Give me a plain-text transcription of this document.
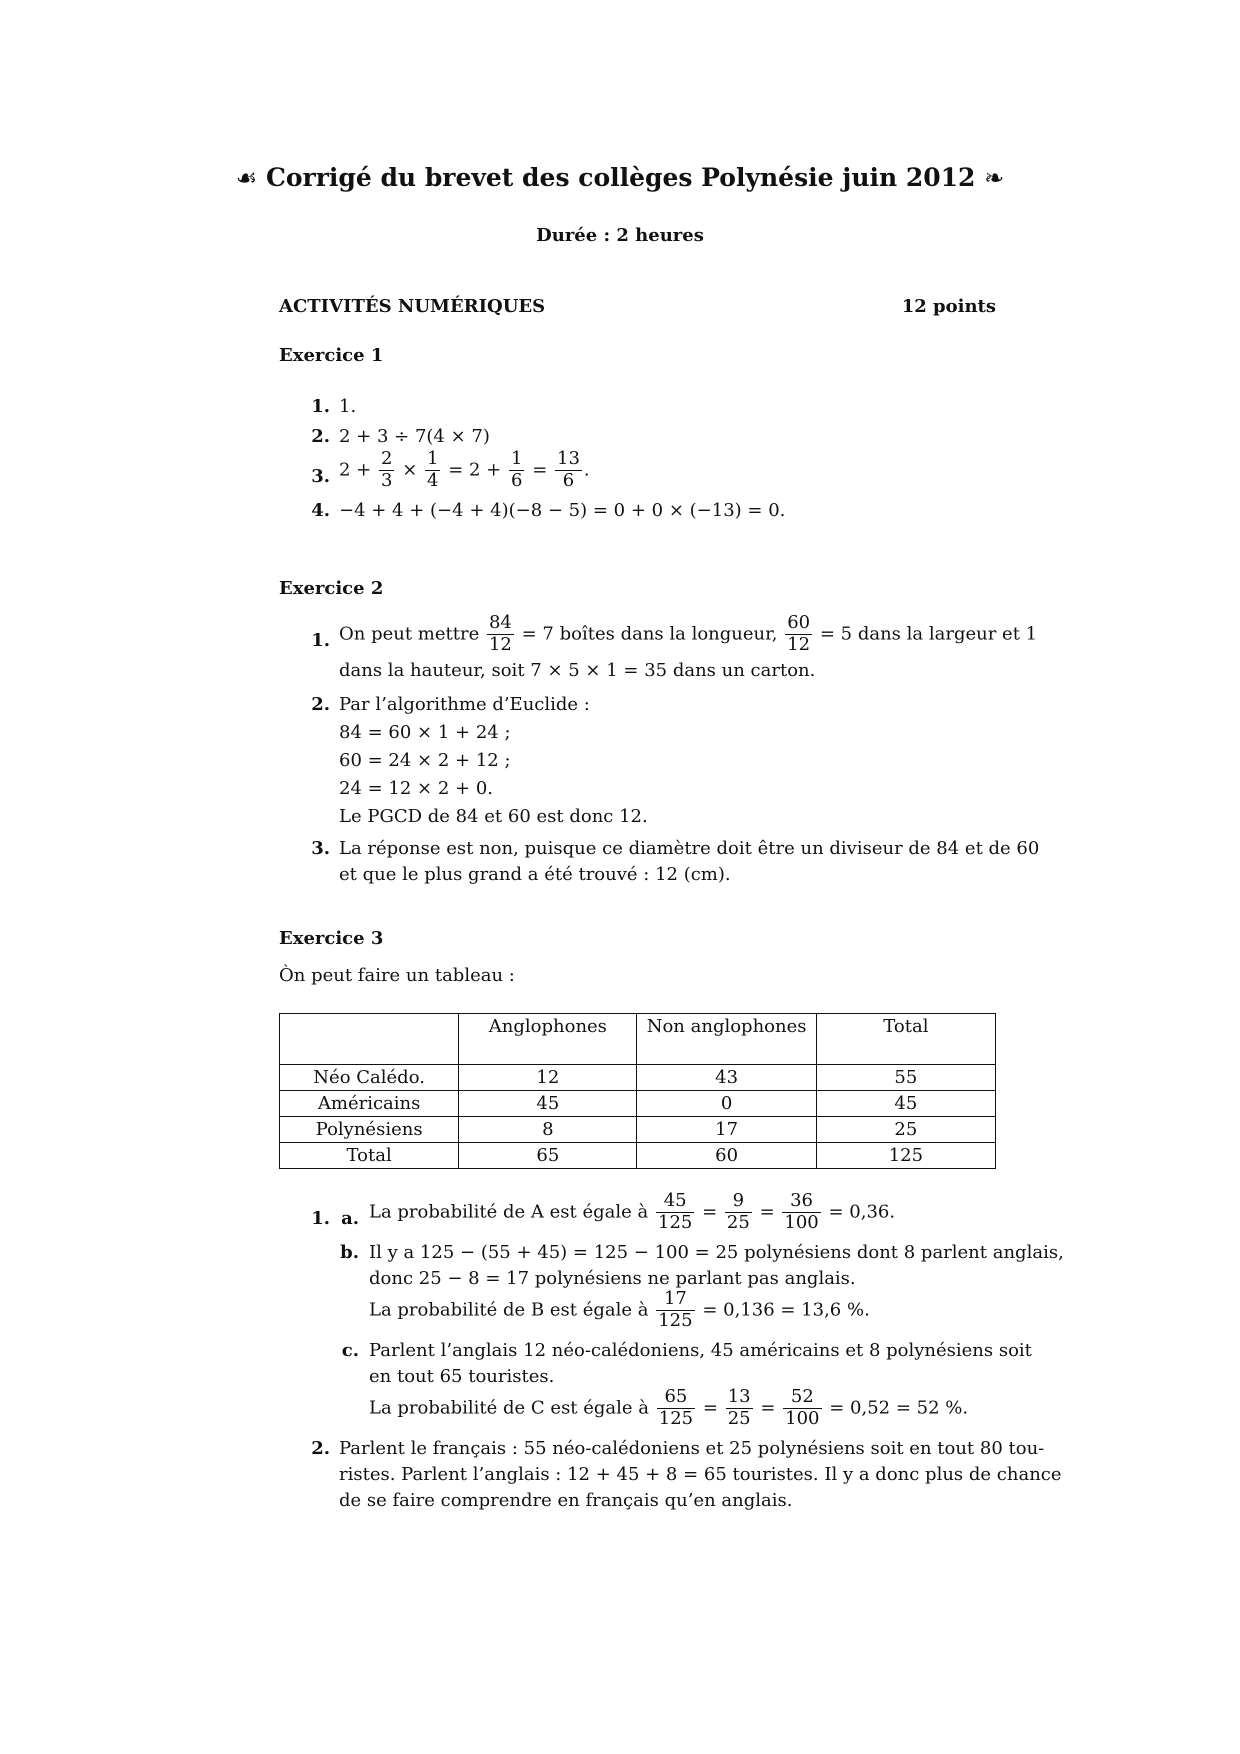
☙ Corrigé du brevet des collèges Polynésie juin 2012 ❧
Durée : 2 heures
ACTIVITÉS NUMÉRIQUES	12 points
Exercice 1
1. 1.
2. 2 + 3 ÷ 7(4 × 7)
3. $2 + \frac{2}{3} \times \frac{1}{4} = 2 + \frac{1}{6} = \frac{13}{6}$ .
4. −4 + 4 + (−4 + 4)(−8 − 5) = 0 + 0 × (−13) = 0.
Exercice 2
1. On peut mettre $\frac{84}{12} = 7$ boîtes dans la longueur, $\frac{60}{12} = 5$ dans la largeur et 1
dans la hauteur, soit 7 × 5 × 1 = 35 dans un carton.
2. Par l’algorithme d’Euclide :
84 = 60 × 1 + 24 ;
60 = 24 × 2 + 12 ;
24 = 12 × 2 + 0.
Le PGCD de 84 et 60 est donc 12.
3. La réponse est non, puisque ce diamètre doit être un diviseur de 84 et de 60
et que le plus grand a été trouvé : 12 (cm).
Exercice 3
Òn peut faire un tableau :
	Anglophones	Non anglophones	Total
Néo Calédo.	12	43	55
Américains	45	0	45
Polynésiens	8	17	25
Total	65	60	125
1. a. La probabilité de A est égale à $\frac{45}{125} = \frac{9}{25} = \frac{36}{100} = 0,36$.
b. Il y a 125 − (55 + 45) = 125 − 100 = 25 polynésiens dont 8 parlent anglais,
donc 25 − 8 = 17 polynésiens ne parlant pas anglais.
La probabilité de B est égale à $\frac{17}{125} = 0,136 = 13,6$ %.
c. Parlent l’anglais 12 néo-calédoniens, 45 américains et 8 polynésiens soit
en tout 65 touristes.
La probabilité de C est égale à $\frac{65}{125} = \frac{13}{25} = \frac{52}{100} = 0,52 = 52$ %.
2. Parlent le français : 55 néo-calédoniens et 25 polynésiens soit en tout 80 tou-
ristes. Parlent l’anglais : 12 + 45 + 8 = 65 touristes. Il y a donc plus de chance
de se faire comprendre en français qu’en anglais.
